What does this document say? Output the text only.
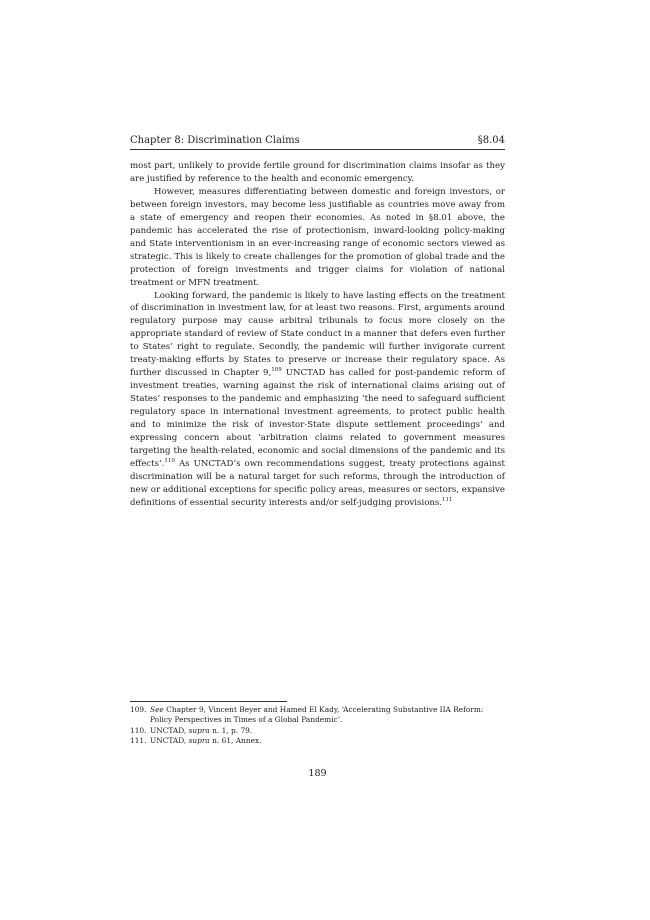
Chapter 8: Discrimination Claims	§8.04

most part, unlikely to provide fertile ground for discrimination claims insofar as they are justified by reference to the health and economic emergency.

However, measures differentiating between domestic and foreign investors, or between foreign investors, may become less justifiable as countries move away from a state of emergency and reopen their economies. As noted in §8.01 above, the pandemic has accelerated the rise of protectionism, inward-looking policy-making and State interventionism in an ever-increasing range of economic sectors viewed as strategic. This is likely to create challenges for the promotion of global trade and the protection of foreign investments and trigger claims for violation of national treatment or MFN treatment.

Looking forward, the pandemic is likely to have lasting effects on the treatment of discrimination in investment law, for at least two reasons. First, arguments around regulatory purpose may cause arbitral tribunals to focus more closely on the appropriate standard of review of State conduct in a manner that defers even further to States’ right to regulate. Secondly, the pandemic will further invigorate current treaty-making efforts by States to preserve or increase their regulatory space. As further discussed in Chapter 9,$^{109}$ UNCTAD has called for post-pandemic reform of investment treaties, warning against the risk of international claims arising out of States’ responses to the pandemic and emphasizing ‘the need to safeguard sufficient regulatory space in international investment agreements, to protect public health and to minimize the risk of investor-State dispute settlement proceedings’ and expressing concern about ‘arbitration claims related to government measures targeting the health-related, economic and social dimensions of the pandemic and its effects’.$^{110}$ As UNCTAD’s own recommendations suggest, treaty protections against discrimination will be a natural target for such reforms, through the introduction of new or additional exceptions for specific policy areas, measures or sectors, expansive definitions of essential security interests and/or self-judging provisions.$^{111}$

109. See Chapter 9, Vincent Beyer and Hamed El Kady, ‘Accelerating Substantive IIA Reform: Policy Perspectives in Times of a Global Pandemic’.
110. UNCTAD, supra n. 1, p. 79.
111. UNCTAD, supra n. 61, Annex.
189
